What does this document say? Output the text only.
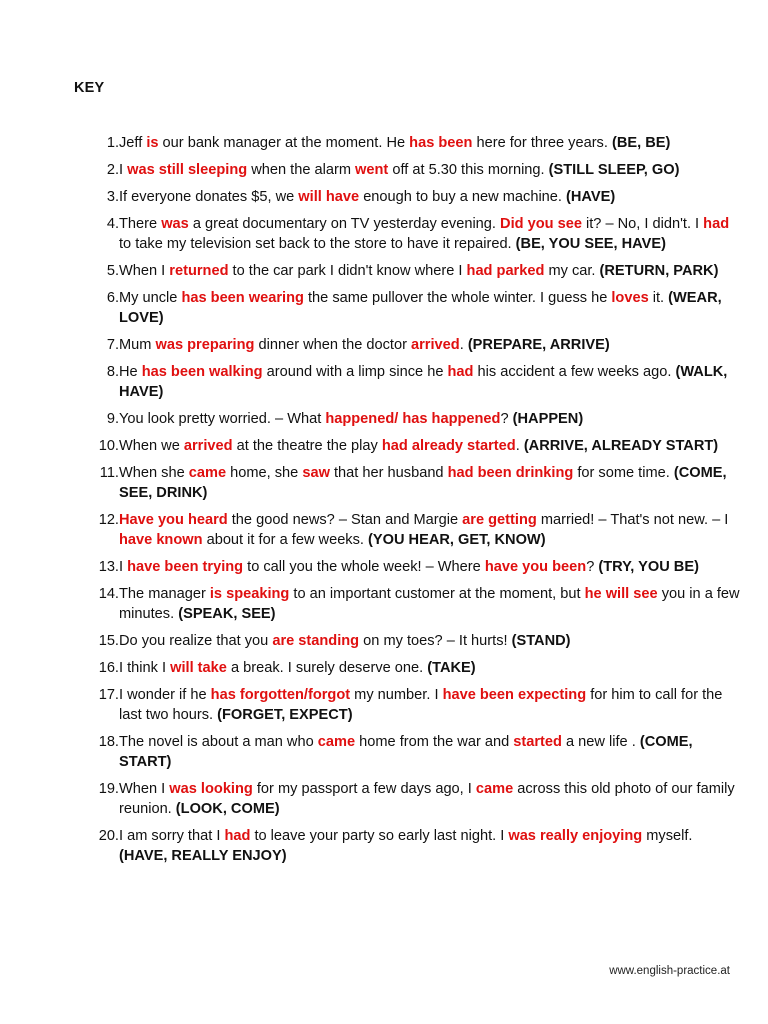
KEY
1. Jeff is our bank manager at the moment. He has been here for three years. (BE, BE)
2. I was still sleeping when the alarm went off at 5.30 this morning. (STILL SLEEP, GO)
3. If everyone donates $5, we will have enough to buy a new machine. (HAVE)
4. There was a great documentary on TV yesterday evening. Did you see it? – No, I didn't. I had to take my television set back to the store to have it repaired. (BE, YOU SEE, HAVE)
5. When I returned to the car park I didn't know where I had parked my car. (RETURN, PARK)
6. My uncle has been wearing the same pullover the whole winter. I guess he loves it. (WEAR, LOVE)
7. Mum was preparing dinner when the doctor arrived. (PREPARE, ARRIVE)
8. He has been walking around with a limp since he had his accident a few weeks ago. (WALK, HAVE)
9. You look pretty worried. – What happened/ has happened? (HAPPEN)
10. When we arrived at the theatre the play had already started. (ARRIVE, ALREADY START)
11. When she came home, she saw that her husband had been drinking for some time. (COME, SEE, DRINK)
12. Have you heard the good news? – Stan and Margie are getting married! – That's not new. – I have known about it for a few weeks. (YOU HEAR, GET, KNOW)
13. I have been trying to call you the whole week! – Where have you been? (TRY, YOU BE)
14. The manager is speaking to an important customer at the moment, but he will see you in a few minutes. (SPEAK, SEE)
15. Do you realize that you are standing on my toes? – It hurts! (STAND)
16. I think I will take a break. I surely deserve one. (TAKE)
17. I wonder if he has forgotten/forgot my number. I have been expecting for him to call for the last two hours. (FORGET, EXPECT)
18. The novel is about a man who came home from the war and started a new life . (COME, START)
19. When I was looking for my passport a few days ago, I came across this old photo of our family reunion. (LOOK, COME)
20. I am sorry that I had to leave your party so early last night. I was really enjoying myself. (HAVE, REALLY ENJOY)
www.english-practice.at
